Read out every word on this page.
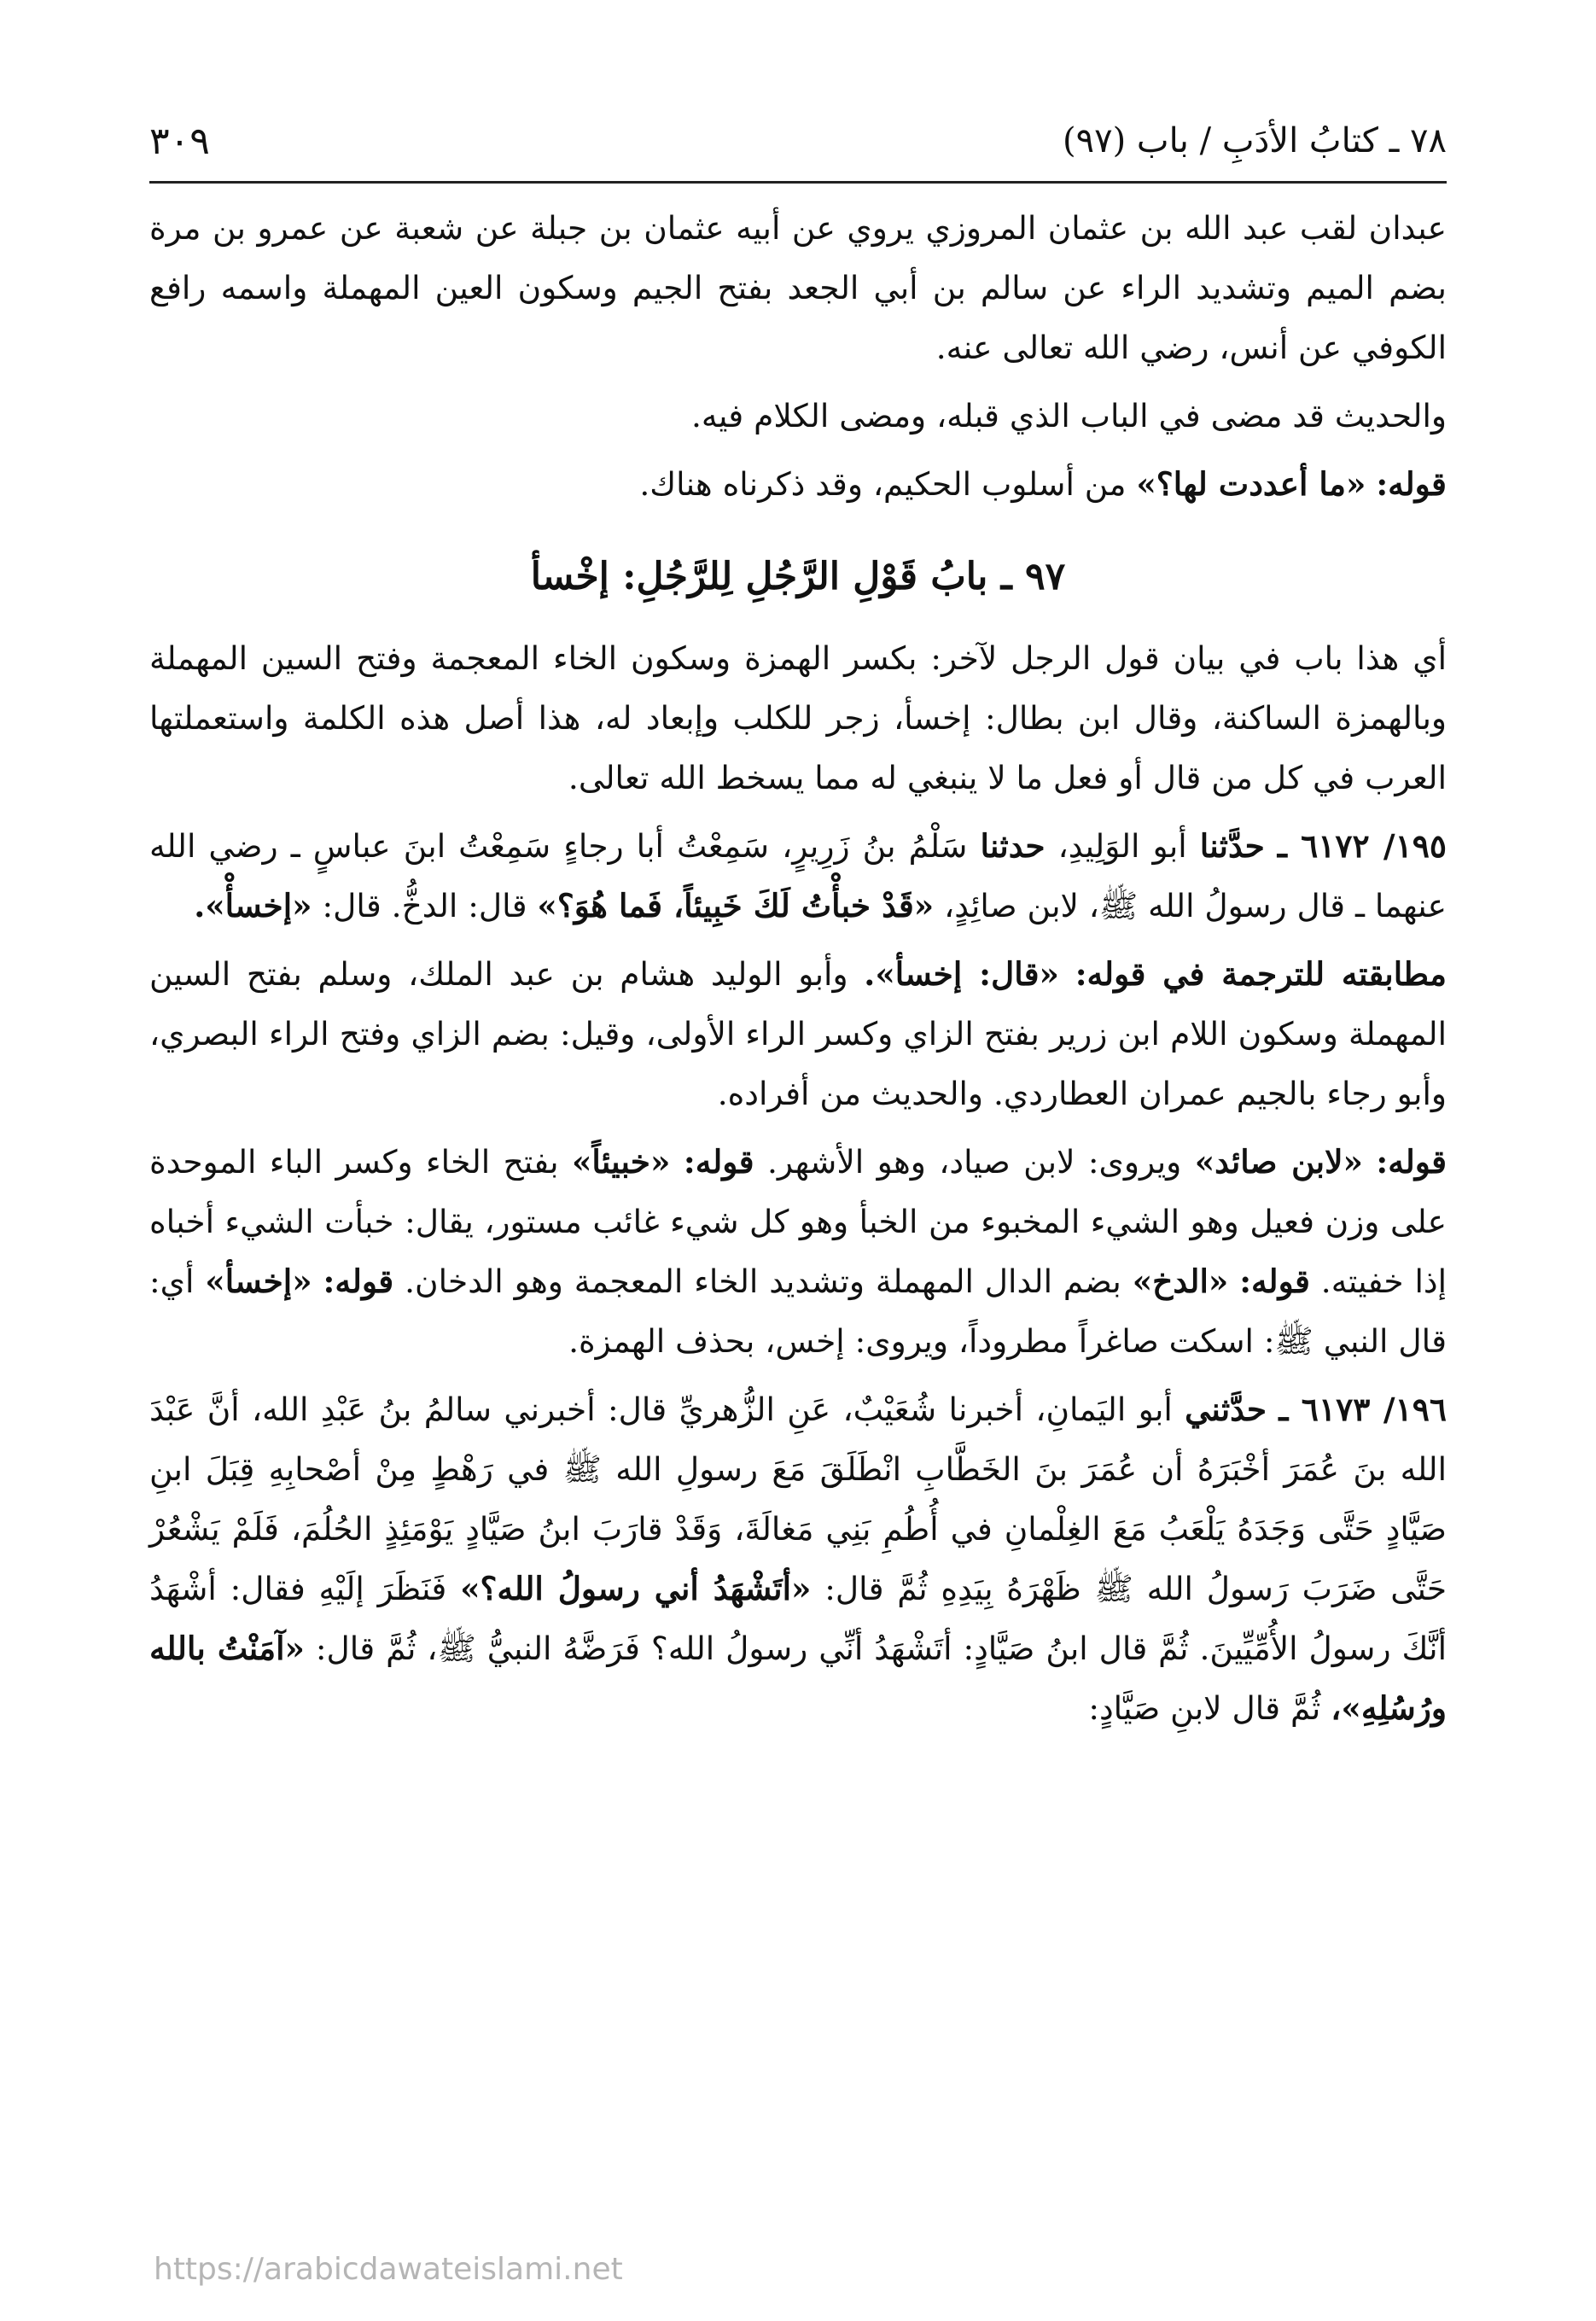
٧٨ ـ كتابُ الأدَبِ / باب (٩٧)
٣٠٩

عبدان لقب عبد الله بن عثمان المروزي يروي عن أبيه عثمان بن جبلة عن شعبة عن عمرو بن مرة بضم الميم وتشديد الراء عن سالم بن أبي الجعد بفتح الجيم وسكون العين المهملة واسمه رافع الكوفي عن أنس، رضي الله تعالى عنه.

والحديث قد مضى في الباب الذي قبله، ومضى الكلام فيه.

قوله: «ما أعددت لها؟» من أسلوب الحكيم، وقد ذكرناه هناك.

٩٧ ـ بابُ قَوْلِ الرَّجُلِ لِلرَّجُلِ: إخْسأ

أي هذا باب في بيان قول الرجل لآخر: بكسر الهمزة وسكون الخاء المعجمة وفتح السين المهملة وبالهمزة الساكنة، وقال ابن بطال: إخسأ، زجر للكلب وإبعاد له، هذا أصل هذه الكلمة واستعملتها العرب في كل من قال أو فعل ما لا ينبغي له مما يسخط الله تعالى.

١٩٥/ ٦١٧٢ ـ حدَّثنا أبو الوَلِيدِ، حدثنا سَلْمُ بنُ زَرِيرٍ، سَمِعْتُ أبا رجاءٍ سَمِعْتُ ابنَ عباسٍ ـ رضي الله عنهما ـ قال رسولُ الله ﷺ، لابن صائِدٍ، «قَدْ خبأْتُ لَكَ خَبِيئاً، فَما هُوَ؟» قال: الدخُّ. قال: «إخسأْ».

مطابقته للترجمة في قوله: «قال: إخسأ». وأبو الوليد هشام بن عبد الملك، وسلم بفتح السين المهملة وسكون اللام ابن زرير بفتح الزاي وكسر الراء الأولى، وقيل: بضم الزاي وفتح الراء البصري، وأبو رجاء بالجيم عمران العطاردي. والحديث من أفراده.

قوله: «لابن صائد» ويروى: لابن صياد، وهو الأشهر. قوله: «خبيئاً» بفتح الخاء وكسر الباء الموحدة على وزن فعيل وهو الشيء المخبوء من الخبأ وهو كل شيء غائب مستور، يقال: خبأت الشيء أخباه إذا خفيته. قوله: «الدخ» بضم الدال المهملة وتشديد الخاء المعجمة وهو الدخان. قوله: «إخسأ» أي: قال النبي ﷺ: اسكت صاغراً مطروداً، ويروى: إخس، بحذف الهمزة.

١٩٦/ ٦١٧٣ ـ حدَّثني أبو اليَمانِ، أخبرنا شُعَيْبٌ، عَنِ الزُّهريِّ قال: أخبرني سالمُ بنُ عَبْدِ الله، أنَّ عَبْدَ الله بنَ عُمَرَ أخْبَرَهُ أن عُمَرَ بنَ الخَطَّابِ انْطَلَقَ مَعَ رسولِ الله ﷺ في رَهْطٍ مِنْ أصْحابِهِ قِبَلَ ابنِ صَيَّادٍ حَتَّى وَجَدَهُ يَلْعَبُ مَعَ الغِلْمانِ في أُطُمِ بَنِي مَغالَةَ، وَقَدْ قارَبَ ابنُ صَيَّادٍ يَوْمَئِذٍ الحُلُمَ، فَلَمْ يَشْعُرْ حَتَّى ضَرَبَ رَسولُ الله ﷺ ظَهْرَهُ بِيَدِهِ ثُمَّ قال: «أتَشْهَدُ أني رسولُ الله؟» فَنَظَرَ إلَيْهِ فقال: أشْهَدُ أنَّكَ رسولُ الأُمِّيِّينَ. ثُمَّ قال ابنُ صَيَّادٍ: أتَشْهَدُ أنِّي رسولُ الله؟ فَرَضَّهُ النبيُّ ﷺ، ثُمَّ قال: «آمَنْتُ بالله ورُسُلِهِ»، ثُمَّ قال لابنِ صَيَّادٍ:

https://arabicdawateislami.net
